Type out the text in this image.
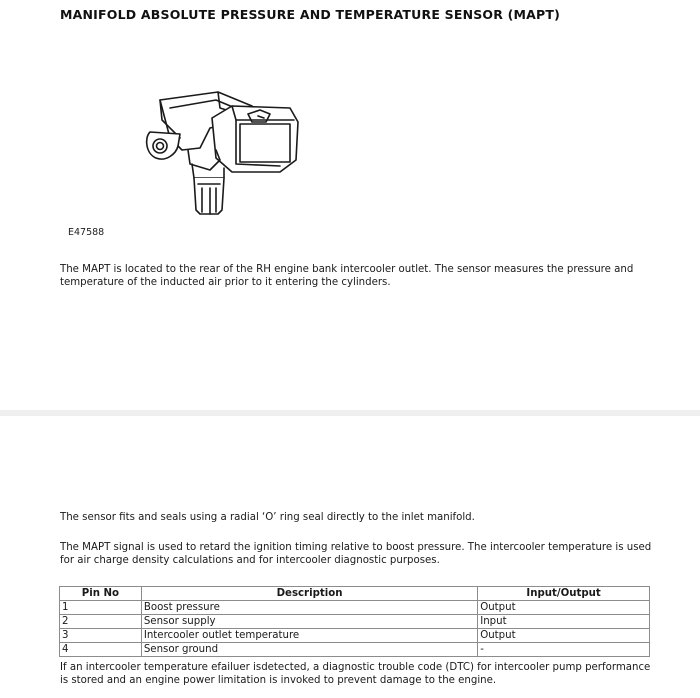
MANIFOLD ABSOLUTE PRESSURE AND TEMPERATURE SENSOR (MAPT)
E47588
The MAPT is located to the rear of the RH engine bank intercooler outlet. The sensor measures the pressure and temperature of the inducted air prior to it entering the cylinders.
The sensor fits and seals using a radial ‘O’ ring seal directly to the inlet manifold.
The MAPT signal is used to retard the ignition timing relative to boost pressure. The intercooler temperature is used for air charge density calculations and for intercooler diagnostic purposes.
Pin No	Description	Input/Output
1	Boost pressure	Output
2	Sensor supply	Input
3	Intercooler outlet temperature	Output
4	Sensor ground	-
If an intercooler temperature efailuer isdetected, a diagnostic trouble code (DTC) for intercooler pump performance is stored and an engine power limitation is invoked to prevent damage to the engine.
